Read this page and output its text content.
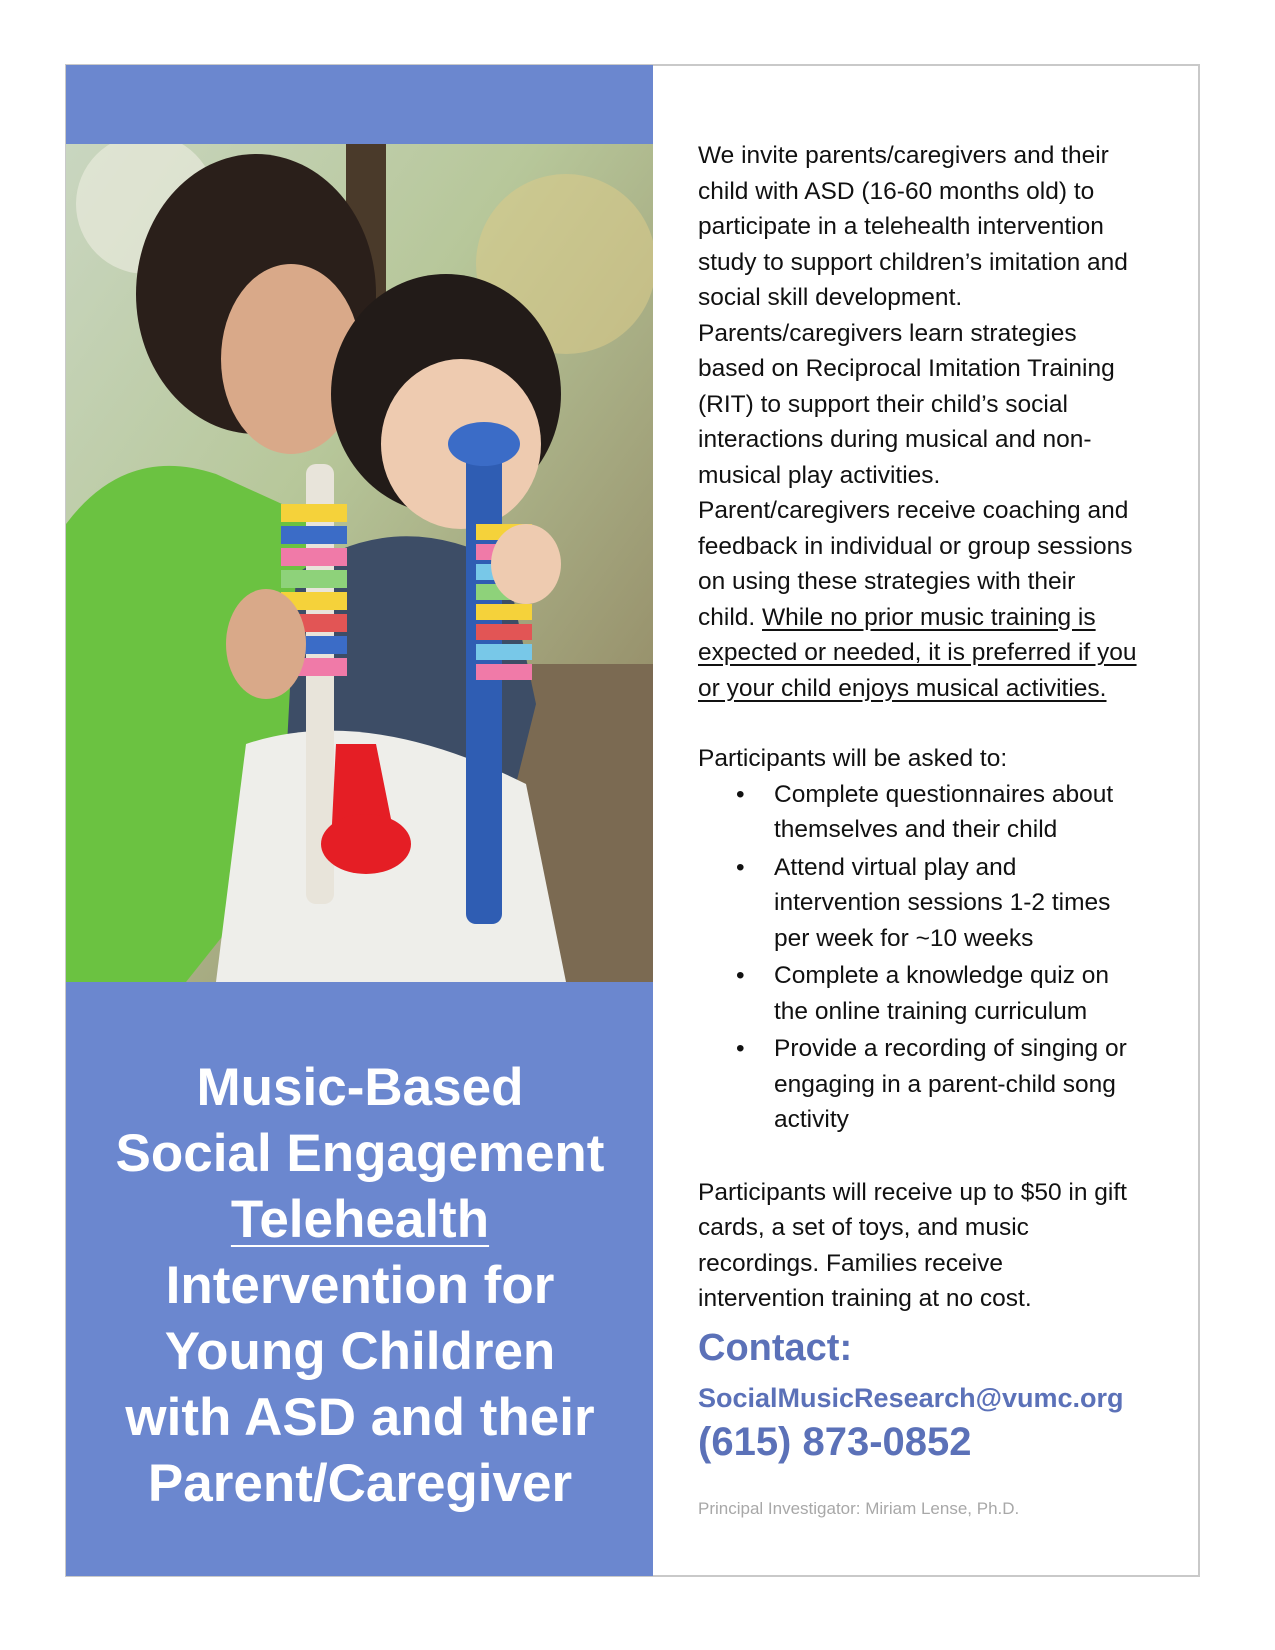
Music-Based
Social Engagement
Telehealth
Intervention for
Young Children
with ASD and their
Parent/Caregiver

We invite parents/caregivers and their

child with ASD (16-60 months old) to

participate in a telehealth intervention

study to support children’s imitation and

social skill development.

Parents/caregivers learn strategies

based on Reciprocal Imitation Training

(RIT) to support their child’s social

interactions during musical and non-

musical play activities.

Parent/caregivers receive coaching and

feedback in individual or group sessions

on using these strategies with their

child. While no prior music training is

expected or needed, it is preferred if you

or your child enjoys musical activities.

Participants will be asked to:

• Complete questionnaires about
themselves and their child
• Attend virtual play and
intervention sessions 1-2 times
per week for ~10 weeks
• Complete a knowledge quiz on
the online training curriculum
• Provide a recording of singing or
engaging in a parent-child song
activity

Participants will receive up to $50 in gift

cards, a set of toys, and music

recordings. Families receive

intervention training at no cost.

Contact:
SocialMusicResearch@vumc.org
(615) 873-0852
Principal Investigator: Miriam Lense, Ph.D.
